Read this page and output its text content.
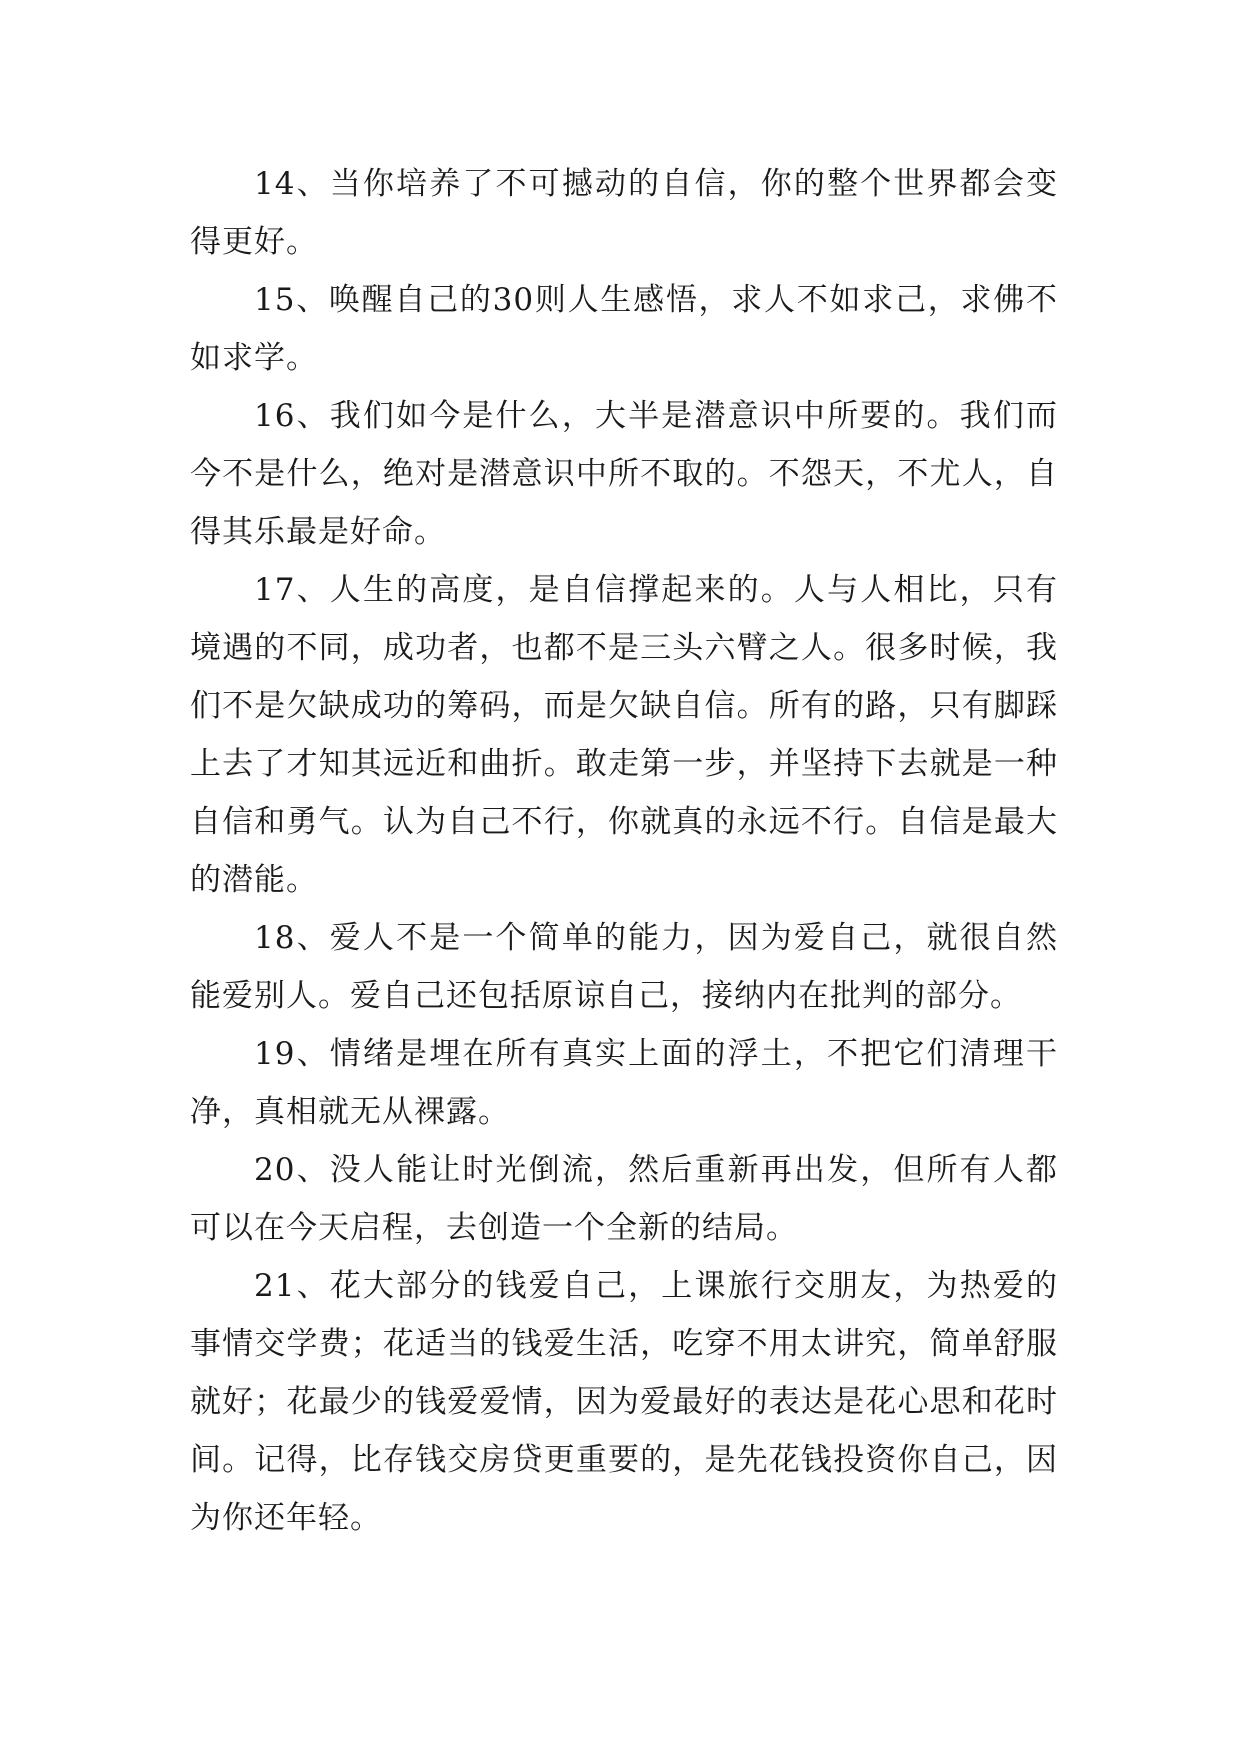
14、当你培养了不可撼动的自信，你的整个世界都会变得更好。

15、唤醒自己的30则人生感悟，求人不如求己，求佛不如求学。

16、我们如今是什么，大半是潜意识中所要的。我们而今不是什么，绝对是潜意识中所不取的。不怨天，不尤人，自得其乐最是好命。

17、人生的高度，是自信撑起来的。人与人相比，只有境遇的不同，成功者，也都不是三头六臂之人。很多时候，我们不是欠缺成功的筹码，而是欠缺自信。所有的路，只有脚踩上去了才知其远近和曲折。敢走第一步，并坚持下去就是一种自信和勇气。认为自己不行，你就真的永远不行。自信是最大的潜能。

18、爱人不是一个简单的能力，因为爱自己，就很自然能爱别人。爱自己还包括原谅自己，接纳内在批判的部分。

19、情绪是埋在所有真实上面的浮土，不把它们清理干净，真相就无从裸露。

20、没人能让时光倒流，然后重新再出发，但所有人都可以在今天启程，去创造一个全新的结局。

21、花大部分的钱爱自己，上课旅行交朋友，为热爱的事情交学费；花适当的钱爱生活，吃穿不用太讲究，简单舒服就好；花最少的钱爱爱情，因为爱最好的表达是花心思和花时间。记得，比存钱交房贷更重要的，是先花钱投资你自己，因为你还年轻。
